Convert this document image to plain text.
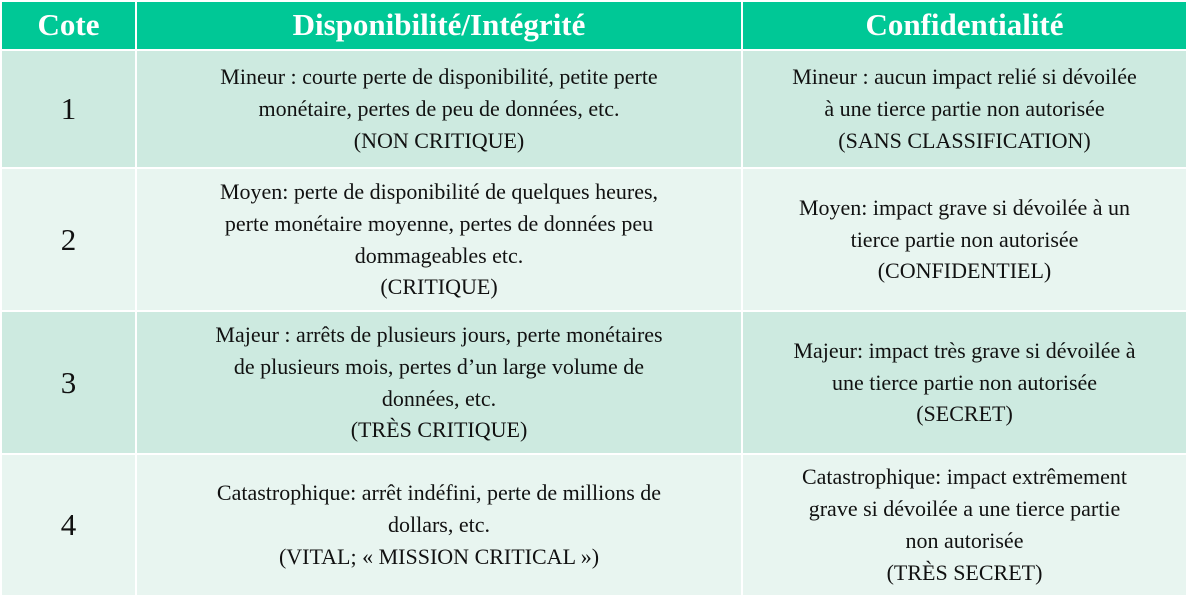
Cote	Disponibilité/Intégrité	Confidentialité
1	Mineur : courte perte de disponibilité, petite perte
monétaire, pertes de peu de données, etc.
(NON CRITIQUE)	Mineur : aucun impact relié si dévoilée
à une tierce partie non autorisée
(SANS CLASSIFICATION)

2	Moyen: perte de disponibilité de quelques heures,
perte monétaire moyenne, pertes de données peu
dommageables etc.
(CRITIQUE)	Moyen: impact grave si dévoilée à un
tierce partie non autorisée
(CONFIDENTIEL)

3	Majeur : arrêts de plusieurs jours, perte monétaires
de plusieurs mois, pertes d’un large volume de
données, etc.
(TRÈS CRITIQUE)	Majeur: impact très grave si dévoilée à
une tierce partie non autorisée
(SECRET)

4	Catastrophique: arrêt indéfini, perte de millions de
dollars, etc.
(VITAL; « MISSION CRITICAL »)	Catastrophique: impact extrêmement
grave si dévoilée a une tierce partie
non autorisée
(TRÈS SECRET)
